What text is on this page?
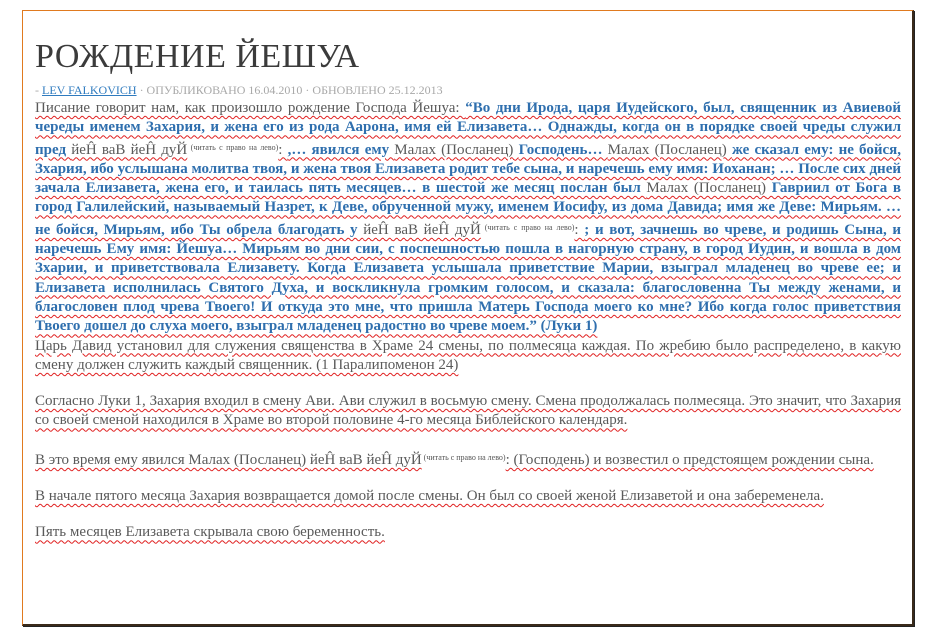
РОЖДЕНИЕ ЙЕШУА
- LEV FALKOVICH · ОПУБЛИКОВАНО 16.04.2010 · ОБНОВЛЕНО 25.12.2013

Писание говорит нам, как произошло рождение Господа Йешуа: “Во дни Ирода, царя Иудейского, был, священник из Авиевой череды именем Захария, и жена его из рода Аарона, имя ей Елизавета… Однажды, когда он в порядке своей чреды служил пред йеĤ ваВ йеĤ дуЙ $^{(читать с право на лево)}$: ,… явился ему Малах (Посланец) Господень… Малах (Посланец) же сказал ему: не бойся, Зхария, ибо услышана молитва твоя, и жена твоя Елизавета родит тебе сына, и наречешь ему имя: Иоханан; … После сих дней зачала Елизавета, жена его, и таилась пять месяцев… в шестой же месяц послан был Малах (Посланец) Гавриил от Бога в город Галилейский, называемый Назрет, к Деве, обрученной мужу, именем Иосифу, из дома Давида; имя же Деве: Мирьям. … не бойся, Мирьям, ибо Ты обрела благодать у йеĤ ваВ йеĤ дуЙ $^{(читать с право на лево)}$: ; и вот, зачнешь во чреве, и родишь Сына, и наречешь Ему имя: Йешуа… Мирьям во дни сии, с поспешностью пошла в нагорную страну, в город Иудин, и вошла в дом Зхарии, и приветствовала Елизавету. Когда Елизавета услышала приветствие Марии, взыграл младенец во чреве ее; и Елизавета исполнилась Святого Духа, и воскликнула громким голосом, и сказала: благословенна Ты между женами, и благословен плод чрева Твоего! И откуда это мне, что пришла Матерь Господа моего ко мне? Ибо когда голос приветствия Твоего дошел до слуха моего, взыграл младенец радостно во чреве моем.” (Луки 1)
Царь Давид установил для служения священства в Храме 24 смены, по полмесяца каждая. По жребию было распределено, в какую смену должен служить каждый священник. (1 Паралипоменон 24)

Согласно Луки 1, Захария входил в смену Ави. Ави служил в восьмую смену. Смена продолжалась полмесяца. Это значит, что Захария со своей сменой находился в Храме во второй половине 4-го месяца Библейского календаря.

В это время ему явился Малах (Посланец) йеĤ ваВ йеĤ дуЙ $^{(читать с право на лево)}$: (Господень) и возвестил о предстоящем рождении сына.

В начале пятого месяца Захария возвращается домой после смены. Он был со своей женой Елизаветой и она забеременела.

Пять месяцев Елизавета скрывала свою беременность.
